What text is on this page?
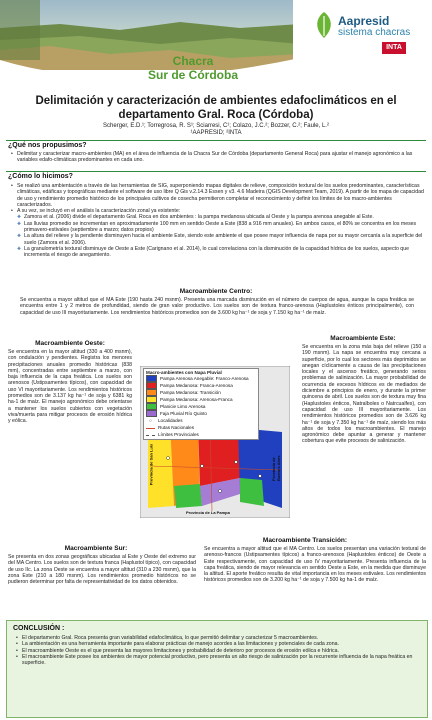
Chacra
Sur de Córdoba
Aapresid
sistema chacras
INTA
Delimitación y caracterización de ambientes edafoclimáticos en el departamento Gral. Roca (Córdoba)
Scherger, E.D.¹; Torregrosa, R. S¹; Sciarresi, C¹; Colazo, J.C.²; Bozzer, C.²; Faule, L.²
¹AAPRESID; ²INTA
¿Qué nos propusimos?
• Delimitar y caracterizar macro-ambientes (MA) en el área de influencia de la Chacra Sur de Córdoba (departamento General Roca) para ajustar el manejo agronómico a las variables edafo-climáticas predominantes en cada uno.
¿Cómo lo hicimos?
• Se realizó una ambientación a través de las herramientas de SIG, superponiendo mapas digitales de relieve, composición textural de los suelos predominantes, características climáticas, edáficas y topográficas mediante el software de uso libre Q Gis v.2.14.3 Essen y v3. 4.6 Madeira (QGIS Development Team, 2019). A partir de los mapa de capacidad de uso y rendimiento promedio histórico de los principales cultivos de cosecha permitieron completar el reconocimiento y definir los límites de los macro-ambientes caracterizados.
• A su vez, se incluyó en el análisis la caracterización zonal ya existente:
❖ Zamora et al. (2006) divide el departamento Gral. Roca en dos ambientes : la pampa medanosa ubicada al Oeste y la pampa arenosa anegable al Este.
❖ Las lluvias promedio se incrementan en aproximadamente 100 mm en sentido Oeste a Este (838 a 916 mm anuales). En ambos casos, el 80% se concentra en los meses primavero-estivales (septiembre a marzo; datos propios)
❖ La altura del relieve y la pendiente disminuyen hacia el ambiente Este, siendo este ambiente el que posee mayor influencia de napa por su mayor cercanía a la superficie del suelo (Zamora et al. 2006).
❖ La granulometría textural disminuye de Oeste a Este (Carignano et al. 2014), lo cual correlaciona con la disminución de la capacidad hídrica de los suelos, aspecto que incrementa el riesgo de anegamiento.
Macroambiente Centro:
Se encuentra a mayor altitud que el MA Este (190 hasta 240 msnm). Presenta una marcada disminución en el número de cuerpos de agua, aunque la capa freática se encuentra entre 1 y 2 metros de profundidad, siendo de gran valor productivo. Los suelos son de textura franco-arenosa (Haplustoles énticos principalmente), con capacidad de uso III mayoritariamente. Los rendimientos históricos promedios son de 3.600 kg ha⁻¹ de soja y 7.150 kg ha⁻¹ de maíz.
Macroambiente Oeste:
Se encuentra en la mayor altitud (330 a 400 msnm), con ondulación y pendientes. Registra los menores precipitaciones anuales promedio históricas (838 mm), concentradas entre septiembre a marzo, con baja influencia de la capa freática. Los suelos son arenosos (Ustipsamentes típicos), con capacidad de uso VI mayoritariamente. Los rendimientos históricos promedios son de 3.137 kg ha⁻¹ de soja y 6381 kg ha-1 de maíz. El manejo agronómico debe orientarse a mantener los suelos cubiertos con vegetación viva/muerta para mitigar procesos de erosión hídrica y eólica.
Macroambiente Este:
Se encuentra en la zona más baja del relieve (150 a 190 msnm). La napa se encuentra muy cercana a superficie, por lo cual los sectores más deprimidos se anegan cíclicamente a causa de las precipitaciones locales y el ascenso freático, generando serios problemas de salinización. La mayor probabilidad de ocurrencia de excesos hídricos es de mediados de diciembre a principios de enero, y durante la primer quincena de abril. Los suelos son de textura muy fina (Haplustoles énticos, Natralboles o Natrcualfes), con capacidad de uso III mayoritariamente. Los rendimientos históricos promedios son de 3.626 kg ha⁻¹ de soja y 7.350 kg ha⁻¹ de maíz, siendo los más altos de todos los macroambientes. El manejo agronómico debe apuntar a generar y mantener cobertura que evite procesos de salinización.
Macro-ambientes con Napa Pluvial
Pampa Arenosa Anegable: Franco-Arenosa
Pampa Medanosa: Franca-Arenosa
Pampa Medanosa: Transición
Pampa Medanosa: Arenosa-Franca
Planicie Limo Arenosa
Faja Pluvial Río Quinto
○	Localidades
Rutas Nacionales
Límites Provinciales
Provincia de San Luis	Provincia de Buenos Aires
Provincia de La Pampa
Macroambiente Sur:
Se presenta en dos zonas geográficas ubicadas al Este y Oeste del extremo sur del MA Centro. Los suelos son de textura franca (Haplustol típico), con capacidad de uso IIc. La zona Oeste se encuentra a mayor altitud (310 a 230 msnm), que la zona Este (210 a 180 msnm). Los rendimientos promedio históricos no se pudieron determinar por falta de representatividad de los datos obtenidos.
Macroambiente Transición:
Se encuentra a mayor altitud que el MA Centro. Los suelos presentan una variación textural de arenoso-francos (Ustipsamentes típicos) a franco-arenosos (Haplustoles énticos) de Oeste a Este respectivamente, con capacidad de uso IV mayoritariamente. Presenta influencia de la capa freática, siendo de mayor relevancia en sentido Oeste a Este, en la medida que disminuye la altitud. El aporte freático resulta de vital importancia en los meses estivales. Los rendimientos históricos promedios son de 3.200 kg ha⁻¹ de soja y 7.500 kg ha-1 de maíz.
CONCLUSIÓN :
• El departamento Gral. Roca presenta gran variabilidad edafoclimática, lo que permitió delimitar y caracterizar 5 macroambientes.
• La ambientación es una herramienta importante para elaborar prácticas de manejo acordes a las limitaciones y potenciales de cada zona.
• El macroambiente Oeste es el que presenta las mayores limitaciones y probabilidad de deterioro por procesos de erosión eólica e hídrica.
• El macroambiente Este posee los ambientes de mayor potencial productivo, pero presenta un alto riesgo de salinización por la recurrente influencia de la napa freática en superficie.
